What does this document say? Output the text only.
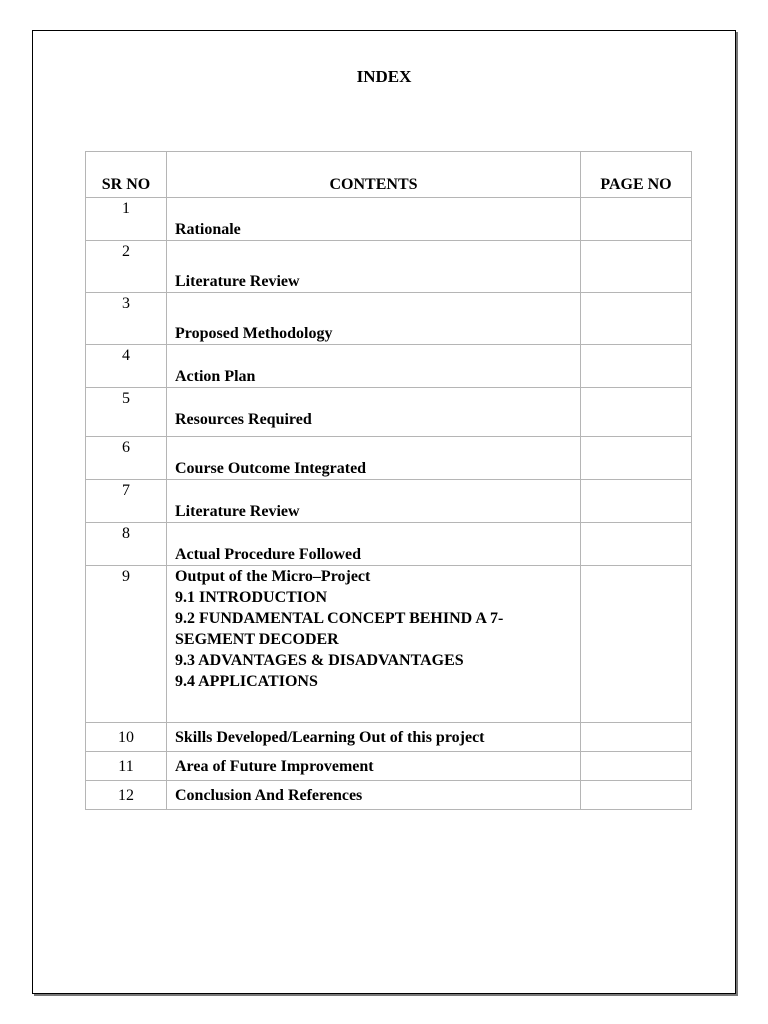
INDEX
SR NO	CONTENTS	PAGE NO
1	Rationale	
2	Literature Review	
3	Proposed Methodology	
4	Action Plan	
5	Resources Required	
6	Course Outcome Integrated	
7	Literature Review	
8	Actual Procedure Followed	
9	Output of the Micro–Project
9.1 INTRODUCTION
9.2 FUNDAMENTAL CONCEPT BEHIND A 7-SEGMENT DECODER
9.3 ADVANTAGES & DISADVANTAGES
9.4 APPLICATIONS	

10	Skills Developed/Learning Out of this project	
11	Area of Future Improvement	
12	Conclusion And References	
